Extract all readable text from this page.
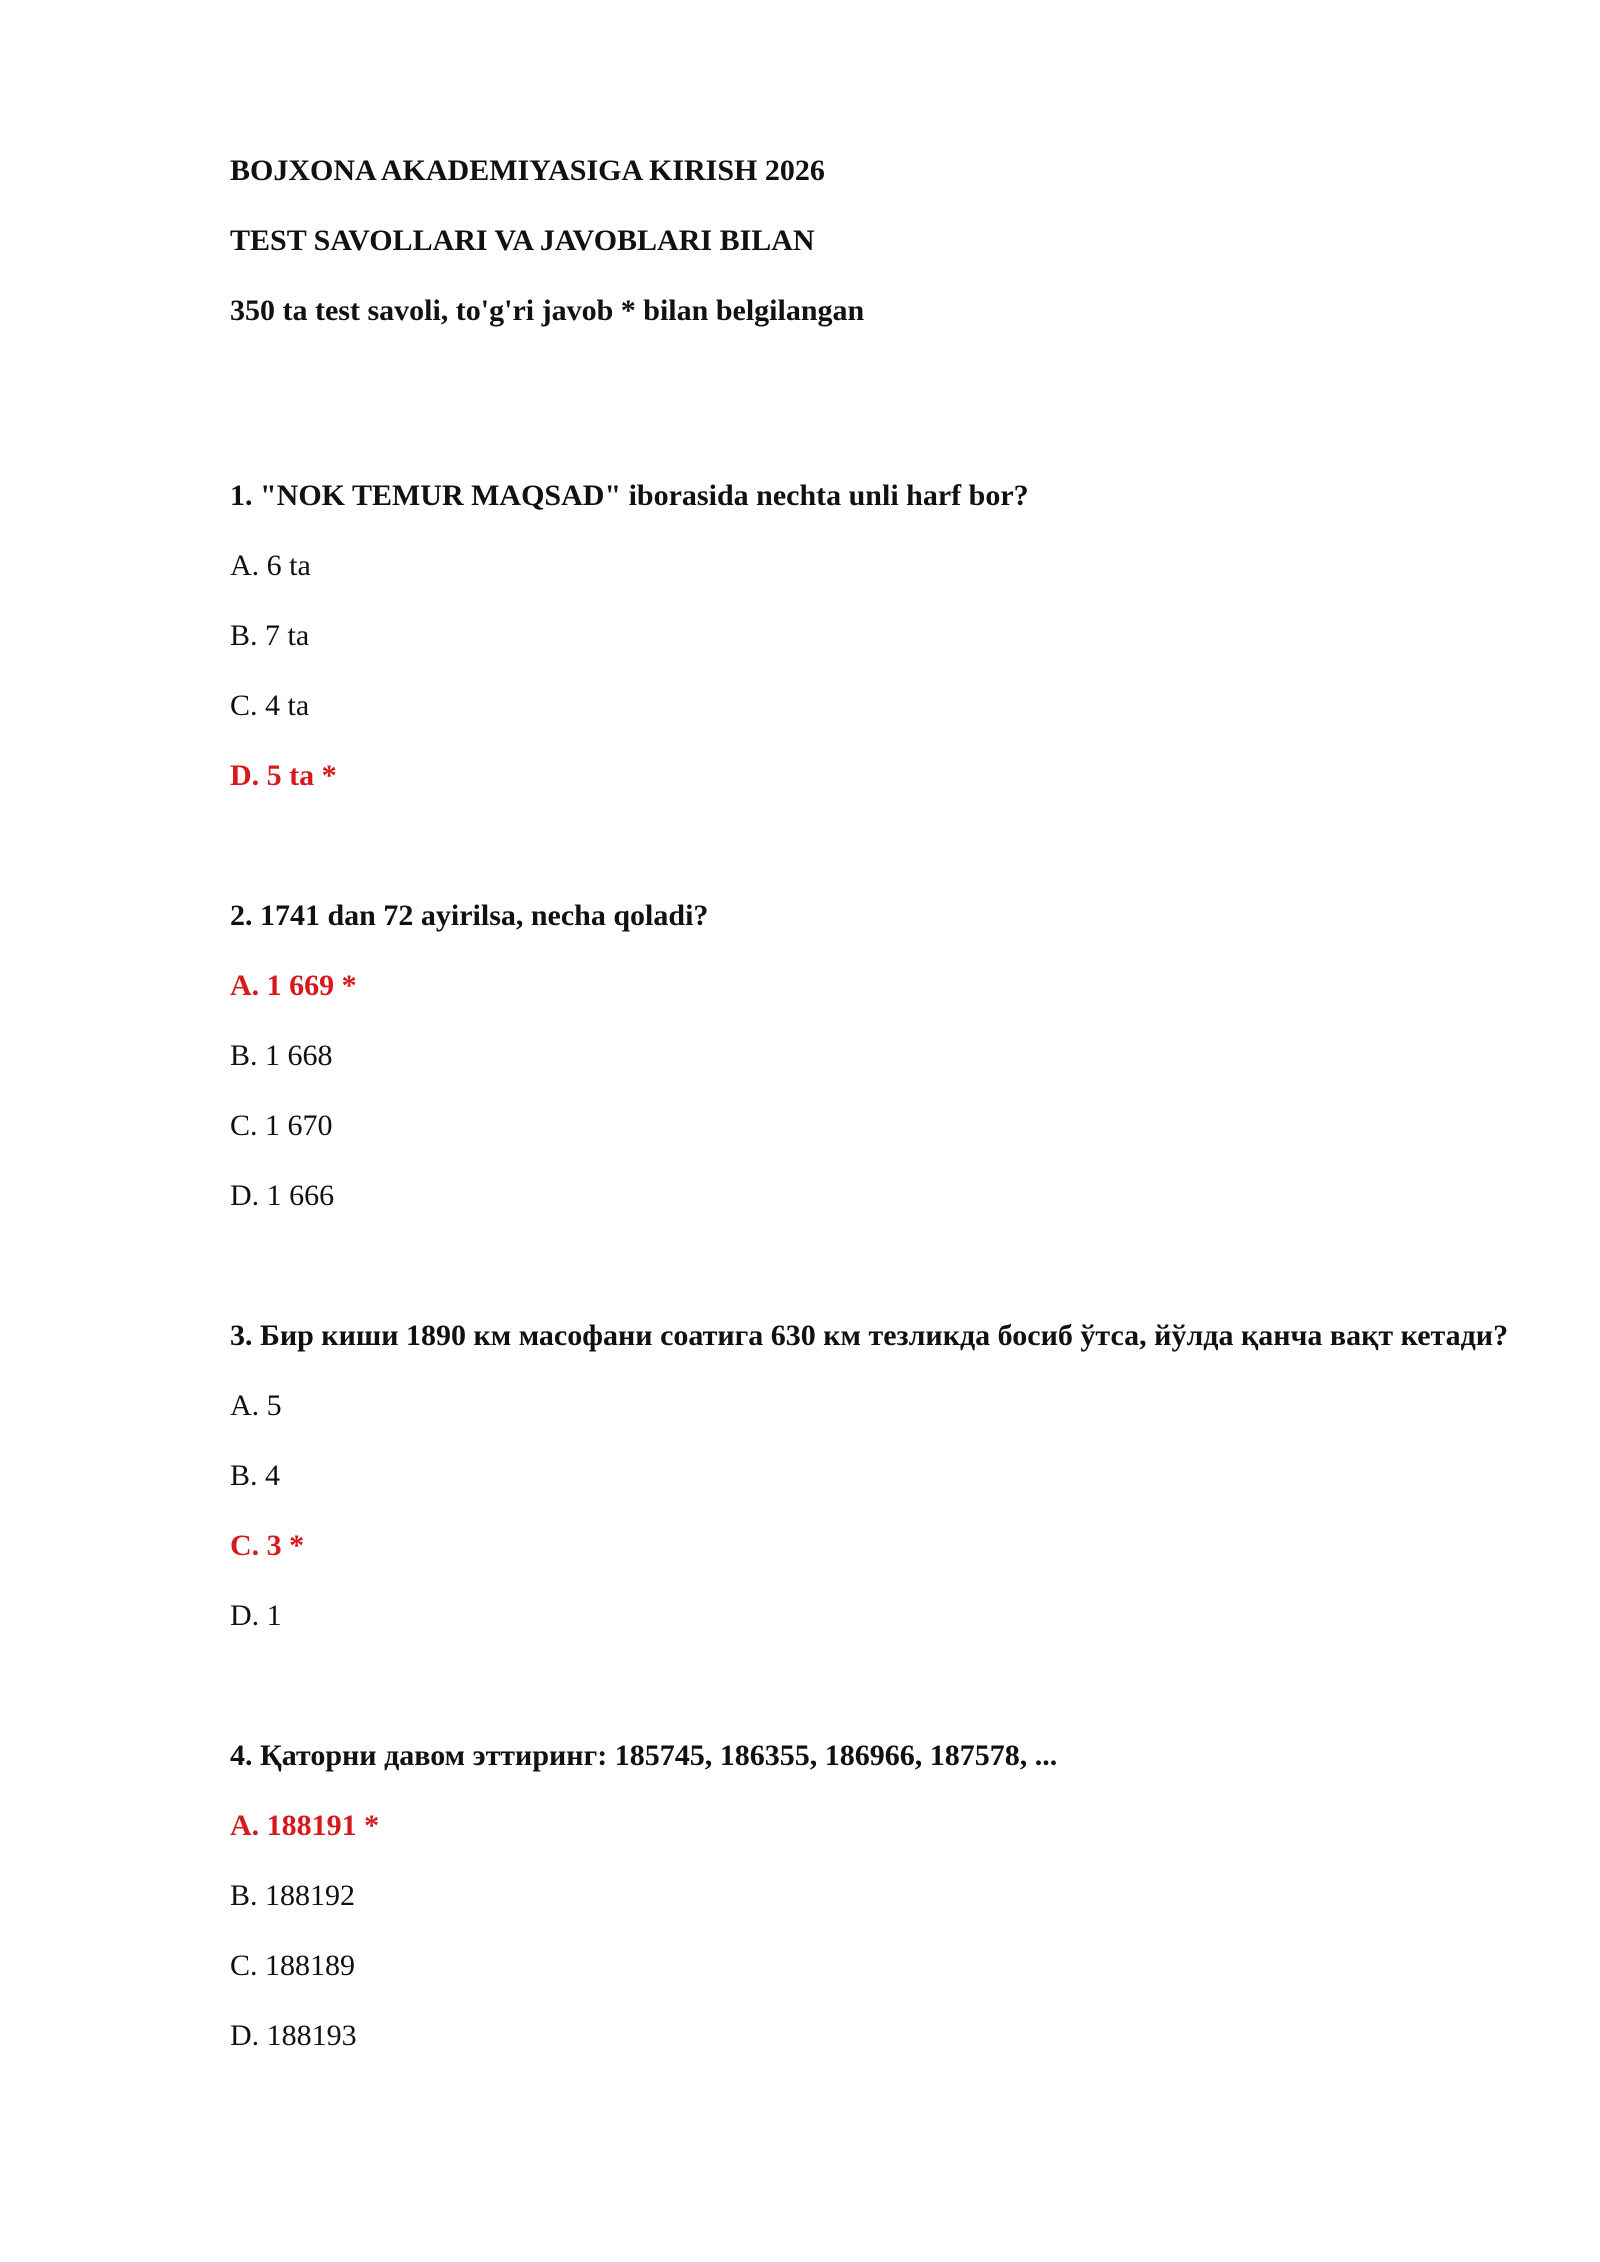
BOJXONA AKADEMIYASIGA KIRISH 2026

TEST SAVOLLARI VA JAVOBLARI BILAN

350 ta test savoli, to'g'ri javob * bilan belgilangan

1. "NOK TEMUR MAQSAD" iborasida nechta unli harf bor?

A. 6 ta

B. 7 ta

C. 4 ta

D. 5 ta *

2. 1741 dan 72 ayirilsa, necha qoladi?

A. 1 669 *

B. 1 668

C. 1 670

D. 1 666

3. Бир киши 1890 км масофани соатига 630 км тезликда босиб ўтса, йўлда қанча вақт кетади?

A. 5

B. 4

C. 3 *

D. 1

4. Қаторни давом эттиринг: 185745, 186355, 186966, 187578, ...

A. 188191 *

B. 188192

C. 188189

D. 188193
